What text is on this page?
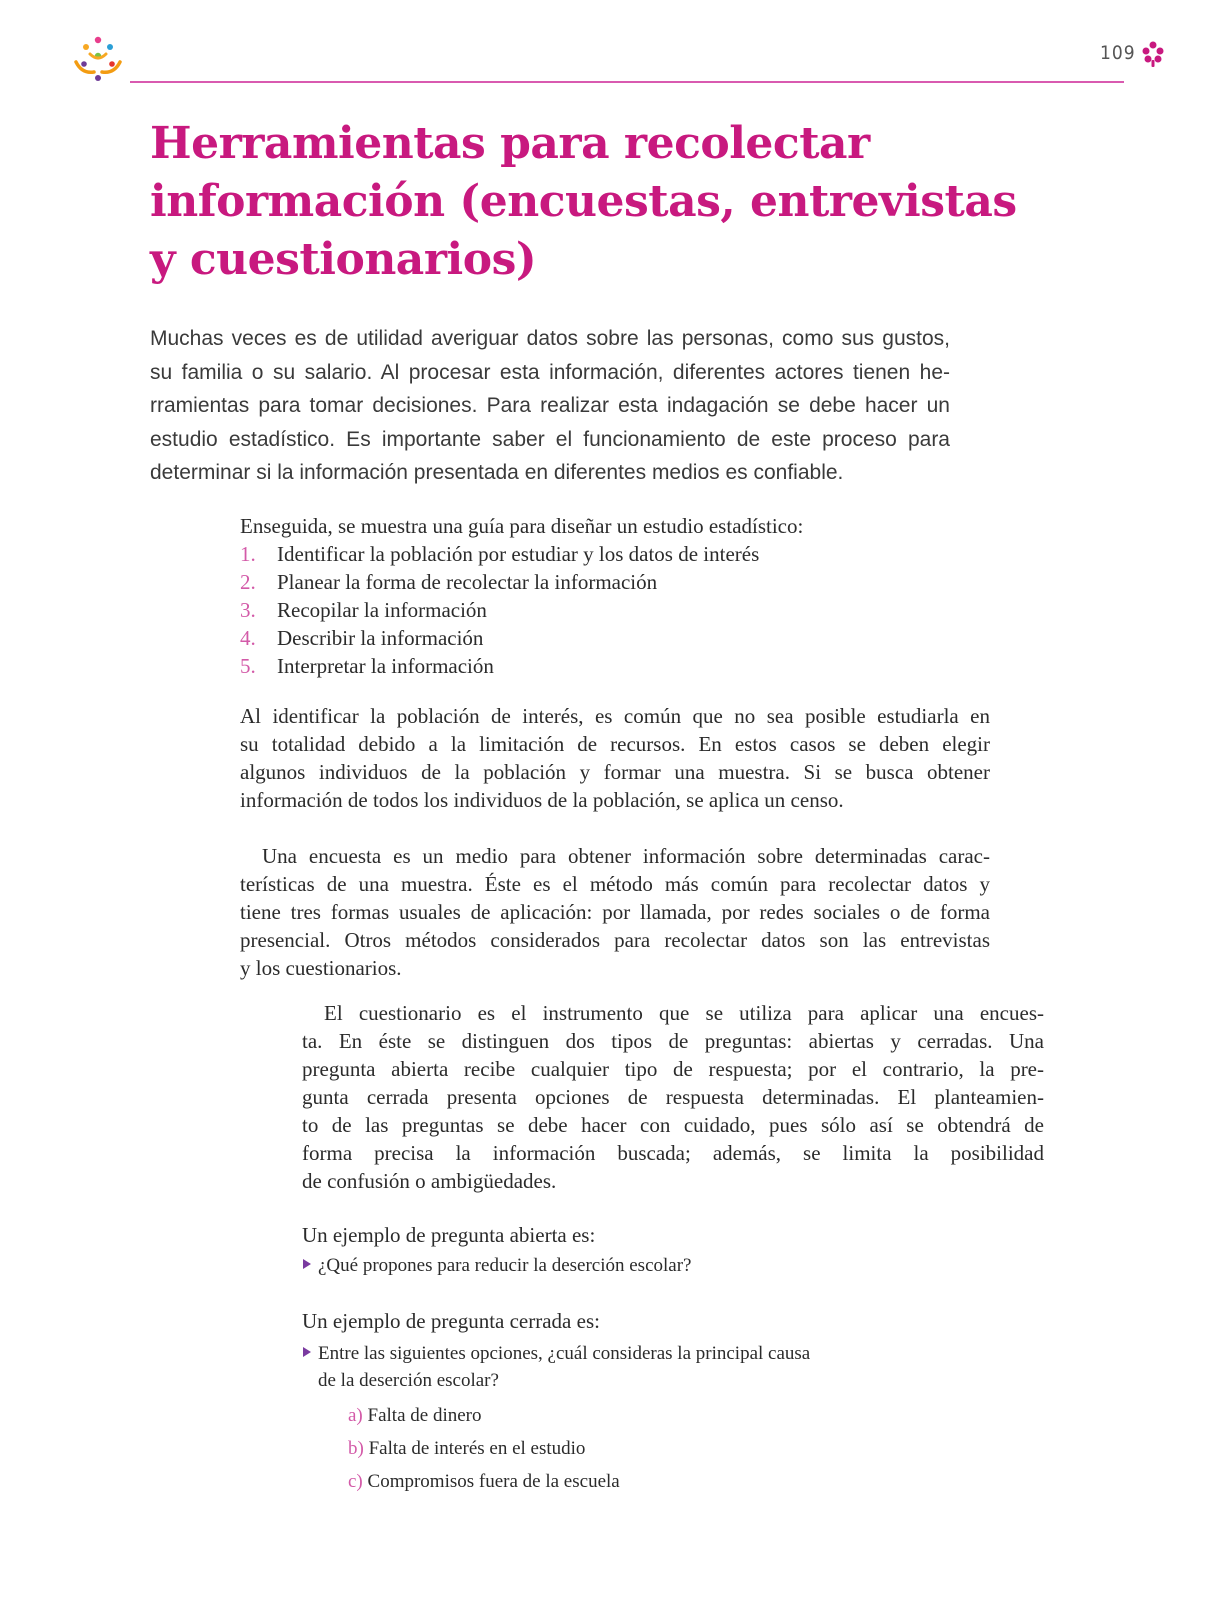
109
Herramientas para recolectar
información (encuestas, entrevistas
y cuestionarios)
Muchas veces es de utilidad averiguar datos sobre las personas, como sus gustos,
su familia o su salario. Al procesar esta información, diferentes actores tienen he-
rramientas para tomar decisiones. Para realizar esta indagación se debe hacer un
estudio estadístico. Es importante saber el funcionamiento de este proceso para
determinar si la información presentada en diferentes medios es confiable.
Enseguida, se muestra una guía para diseñar un estudio estadístico:
1.	Identificar la población por estudiar y los datos de interés
2.	Planear la forma de recolectar la información
3.	Recopilar la información
4.	Describir la información
5.	Interpretar la información
Al identificar la población de interés, es común que no sea posible estudiarla en
su totalidad debido a la limitación de recursos. En estos casos se deben elegir
algunos individuos de la población y formar una muestra. Si se busca obtener
información de todos los individuos de la población, se aplica un censo.
Una encuesta es un medio para obtener información sobre determinadas carac-
terísticas de una muestra. Éste es el método más común para recolectar datos y
tiene tres formas usuales de aplicación: por llamada, por redes sociales o de forma
presencial. Otros métodos considerados para recolectar datos son las entrevistas
y los cuestionarios.
El cuestionario es el instrumento que se utiliza para aplicar una encues-
ta. En éste se distinguen dos tipos de preguntas: abiertas y cerradas. Una
pregunta abierta recibe cualquier tipo de respuesta; por el contrario, la pre-
gunta cerrada presenta opciones de respuesta determinadas. El planteamien-
to de las preguntas se debe hacer con cuidado, pues sólo así se obtendrá de
forma precisa la información buscada; además, se limita la posibilidad
de confusión o ambigüedades.
Un ejemplo de pregunta abierta es:
¿Qué propones para reducir la deserción escolar?
Un ejemplo de pregunta cerrada es:
Entre las siguientes opciones, ¿cuál consideras la principal causa
de la deserción escolar?
a) Falta de dinero
b) Falta de interés en el estudio
c) Compromisos fuera de la escuela
